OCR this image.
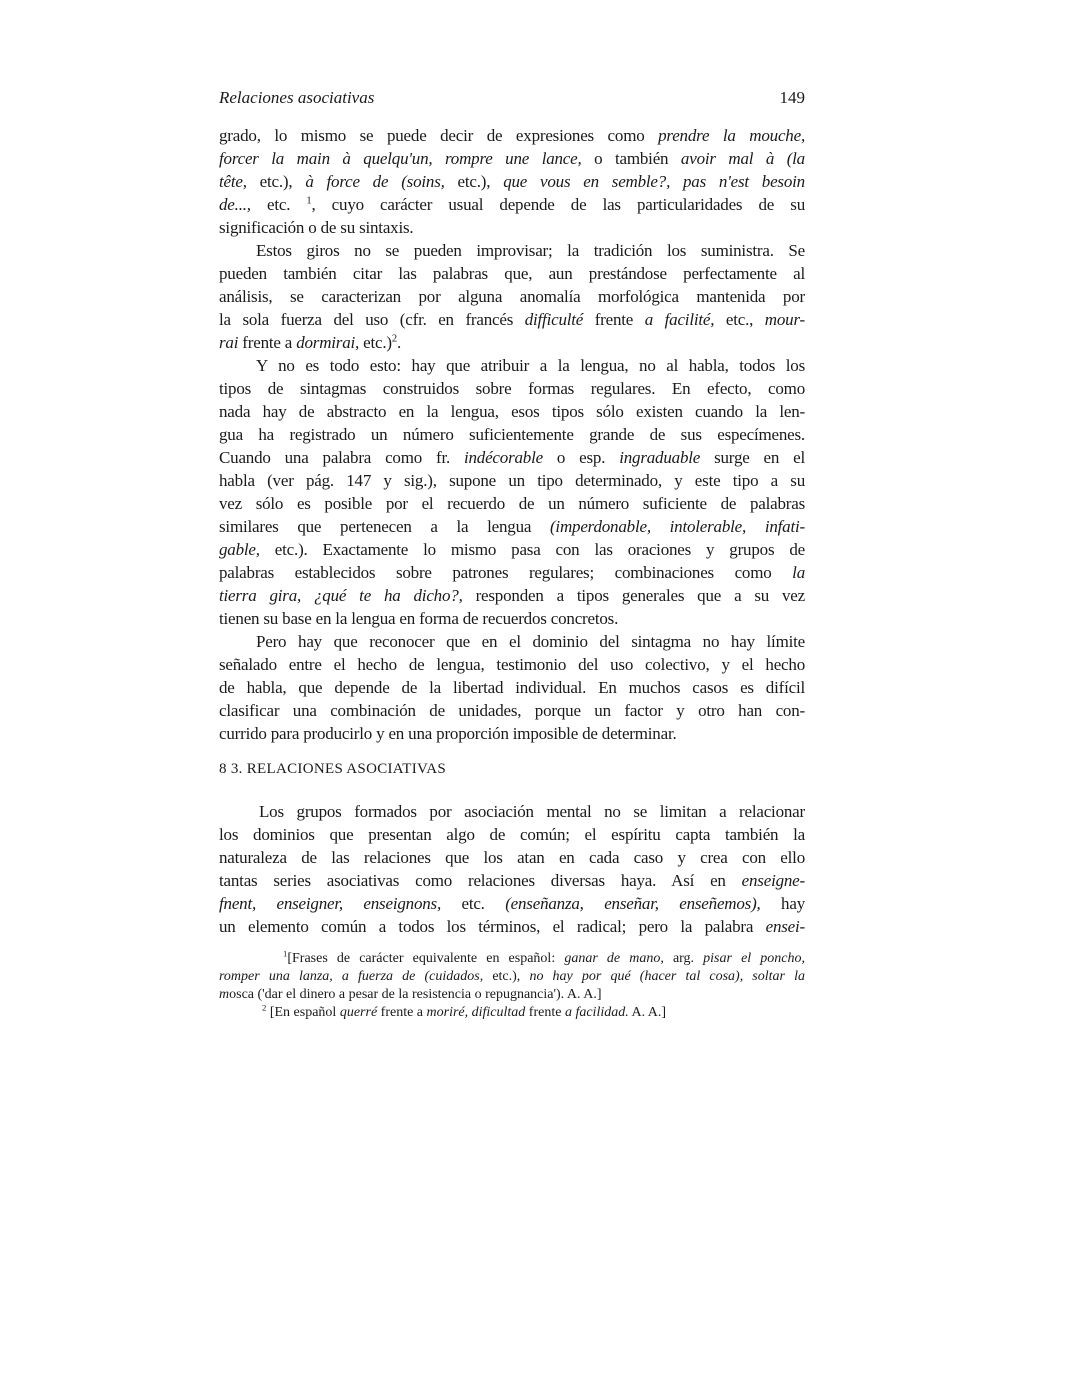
Relaciones asociativas	149
grado, lo mismo se puede decir de expresiones como prendre la mouche,
forcer la main à quelqu'un, rompre une lance, o también avoir mal à (la
tête, etc.), à force de (soins, etc.), que vous en semble?, pas n'est besoin
de..., etc. $^1$, cuyo carácter usual depende de las particularidades de su
significación o de su sintaxis.
Estos giros no se pueden improvisar; la tradición los suministra. Se
pueden también citar las palabras que, aun prestándose perfectamente al
análisis, se caracterizan por alguna anomalía morfológica mantenida por
la sola fuerza del uso (cfr. en francés difficulté frente a facilité, etc., mour-
rai frente a dormirai, etc.)$^2$.
Y no es todo esto: hay que atribuir a la lengua, no al habla, todos los
tipos de sintagmas construidos sobre formas regulares. En efecto, como
nada hay de abstracto en la lengua, esos tipos sólo existen cuando la len-
gua ha registrado un número suficientemente grande de sus especímenes.
Cuando una palabra como fr. indécorable o esp. ingraduable surge en el
habla (ver pág. 147 y sig.), supone un tipo determinado, y este tipo a su
vez sólo es posible por el recuerdo de un número suficiente de palabras
similares que pertenecen a la lengua (imperdonable, intolerable, infati-
gable, etc.). Exactamente lo mismo pasa con las oraciones y grupos de
palabras establecidos sobre patrones regulares; combinaciones como la
tierra gira, ¿qué te ha dicho?, responden a tipos generales que a su vez
tienen su base en la lengua en forma de recuerdos concretos.
Pero hay que reconocer que en el dominio del sintagma no hay límite
señalado entre el hecho de lengua, testimonio del uso colectivo, y el hecho
de habla, que depende de la libertad individual. En muchos casos es difícil
clasificar una combinación de unidades, porque un factor y otro han con-
currido para producirlo y en una proporción imposible de determinar.
8 3. RELACIONES ASOCIATIVAS
Los grupos formados por asociación mental no se limitan a relacionar
los dominios que presentan algo de común; el espíritu capta también la
naturaleza de las relaciones que los atan en cada caso y crea con ello
tantas series asociativas como relaciones diversas haya. Así en enseigne-
fnent, enseigner, enseignons, etc. (enseñanza, enseñar, enseñemos), hay
un elemento común a todos los términos, el radical; pero la palabra ensei-
$^1$[Frases de carácter equivalente en español: ganar de mano, arg. pisar el poncho,
romper una lanza, a fuerza de (cuidados, etc.), no hay por qué (hacer tal cosa), soltar la
mosca ('dar el dinero a pesar de la resistencia o repugnancia'). A. A.]
$^2$ [En español querré frente a moriré, dificultad frente a facilidad. A. A.]
